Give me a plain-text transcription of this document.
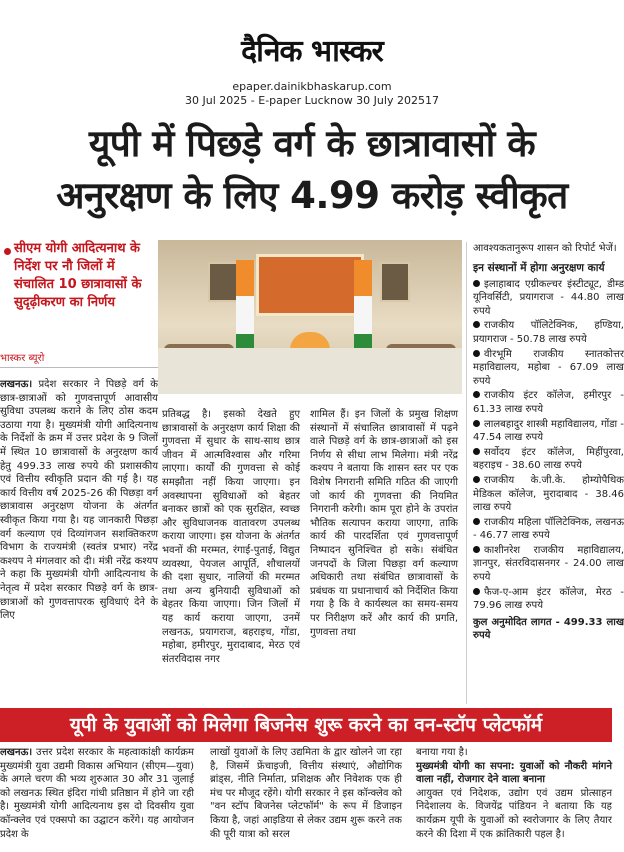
दैनिक भास्कर
epaper.dainikbhaskarup.com
30 Jul 2025 - E-paper Lucknow 30 July 202517
यूपी में पिछड़े वर्ग के छात्रावासों के
अनुरक्षण के लिए 4.99 करोड़ स्वीकृत
सीएम योगी आदित्यनाथ के निर्देश पर नौ जिलों में संचालित 10 छात्रावासों के सुदृढ़ीकरण का निर्णय
भास्कर ब्यूरो
लखनऊ। प्रदेश सरकार ने पिछड़े वर्ग के छात्र-छात्राओं को गुणवत्तापूर्ण आवासीय सुविधा उपलब्ध कराने के लिए ठोस कदम उठाया गया है। मुख्यमंत्री योगी आदित्यनाथ के निर्देशों के क्रम में उत्तर प्रदेश के 9 जिलों में स्थित 10 छात्रावासों के अनुरक्षण कार्य हेतु 499.33 लाख रुपये की प्रशासकीय एवं वित्तीय स्वीकृति प्रदान की गई है। यह कार्य वित्तीय वर्ष 2025-26 की पिछड़ा वर्ग छात्रावास अनुरक्षण योजना के अंतर्गत स्वीकृत किया गया है। यह जानकारी पिछड़ा वर्ग कल्याण एवं दिव्यांगजन सशक्तिकरण विभाग के राज्यमंत्री (स्वतंत्र प्रभार) नरेंद्र कश्यप ने मंगलवार को दी। मंत्री नरेंद्र कश्यप ने कहा कि मुख्यमंत्री योगी आदित्यनाथ के नेतृत्व में प्रदेश सरकार पिछड़े वर्ग के छात्र-छात्राओं को गुणवत्तापरक सुविधाएं देने के लिए
प्रतिबद्ध है। इसको देखते हुए छात्रावासों के अनुरक्षण कार्य शिक्षा की गुणवत्ता में सुधार के साथ-साथ छात्र जीवन में आत्मविश्वास और गरिमा लाएगा। कार्यों की गुणवत्ता से कोई समझौता नहीं किया जाएगा। इन अवस्थापना सुविधाओं को बेहतर बनाकर छात्रों को एक सुरक्षित, स्वच्छ और सुविधाजनक वातावरण उपलब्ध कराया जाएगा। इस योजना के अंतर्गत भवनों की मरम्मत, रंगाई-पुताई, विद्युत व्यवस्था, पेयजल आपूर्ति, शौचालयों की दशा सुधार, नालियों की मरम्मत तथा अन्य बुनियादी सुविधाओं को बेहतर किया जाएगा। जिन जिलों में यह कार्य कराया जाएगा, उनमें लखनऊ, प्रयागराज, बहराइच, गोंडा, महोबा, हमीरपुर, मुरादाबाद, मेरठ एवं संतरविदास नगर
शामिल हैं। इन जिलों के प्रमुख शिक्षण संस्थानों में संचालित छात्रावासों में पढ़ने वाले पिछड़े वर्ग के छात्र-छात्राओं को इस निर्णय से सीधा लाभ मिलेगा। मंत्री नरेंद्र कश्यप ने बताया कि शासन स्तर पर एक विशेष निगरानी समिति गठित की जाएगी जो कार्य की गुणवत्ता की नियमित निगरानी करेगी। काम पूरा होने के उपरांत भौतिक सत्यापन कराया जाएगा, ताकि कार्य की पारदर्शिता एवं गुणवत्तापूर्ण निष्पादन सुनिश्चित हो सके। संबंधित जनपदों के जिला पिछड़ा वर्ग कल्याण अधिकारी तथा संबंधित छात्रावासों के प्रबंधक या प्रधानाचार्य को निर्देशित किया गया है कि वे कार्यस्थल का समय-समय पर निरीक्षण करें और कार्य की प्रगति, गुणवत्ता तथा
आवश्यकतानुरूप शासन को रिपोर्ट भेजें।
इन संस्थानों में होगा अनुरक्षण कार्य
इलाहाबाद एग्रीकल्चर इंस्टीट्यूट, डीम्ड यूनिवर्सिटी, प्रयागराज - 44.80 लाख रुपये
राजकीय पॉलिटेक्निक, हण्डिया, प्रयागराज - 50.78 लाख रुपये
वीरभूमि राजकीय स्नातकोत्तर महाविद्यालय, महोबा - 67.09 लाख रुपये
राजकीय इंटर कॉलेज, हमीरपुर - 61.33 लाख रुपये
लालबहादुर शास्त्री महाविद्यालय, गोंडा - 47.54 लाख रुपये
सर्वोदय इंटर कॉलेज, मिहींपुरवा, बहराइच - 38.60 लाख रुपये
राजकीय के.जी.के. होम्योपैथिक मेडिकल कॉलेज, मुरादाबाद - 38.46 लाख रुपये
राजकीय महिला पॉलिटेक्निक, लखनऊ - 46.77 लाख रुपये
काशीनरेश राजकीय महाविद्यालय, ज्ञानपुर, संतरविदासनगर - 24.00 लाख रुपये
फैज-ए-आम इंटर कॉलेज, मेरठ - 79.96 लाख रुपये
कुल अनुमोदित लागत - 499.33 लाख रुपये
यूपी के युवाओं को मिलेगा बिजनेस शुरू करने का वन-स्टॉप प्लेटफॉर्म
लखनऊ। उत्तर प्रदेश सरकार के महत्वाकांक्षी कार्यक्रम मुख्यमंत्री युवा उद्यमी विकास अभियान (सीएम—युवा) के अगले चरण की भव्य शुरुआत 30 और 31 जुलाई को लखनऊ स्थित इंदिरा गांधी प्रतिष्ठान में होने जा रही है। मुख्यमंत्री योगी आदित्यनाथ इस दो दिवसीय युवा कॉन्क्लेव एवं एक्सपो का उद्घाटन करेंगे। यह आयोजन प्रदेश के
लाखों युवाओं के लिए उद्यमिता के द्वार खोलने जा रहा है, जिसमें फ्रेंचाइजी, वित्तीय संस्थाएं, औद्योगिक ब्रांड्स, नीति निर्माता, प्रशिक्षक और निवेशक एक ही मंच पर मौजूद रहेंगे। योगी सरकार ने इस कॉन्क्लेव को "वन स्टॉप बिजनेस प्लेटफॉर्म" के रूप में डिजाइन किया है, जहां आइडिया से लेकर उद्यम शुरू करने तक की पूरी यात्रा को सरल
बनाया गया है।
मुख्यमंत्री योगी का सपना: युवाओं को नौकरी मांगने वाला नहीं, रोजगार देने वाला बनाना
आयुक्त एवं निदेशक, उद्योग एवं उद्यम प्रोत्साहन निदेशालय के. विजयेंद्र पांडियन ने बताया कि यह कार्यक्रम यूपी के युवाओं को स्वरोजगार के लिए तैयार करने की दिशा में एक क्रांतिकारी पहल है।
